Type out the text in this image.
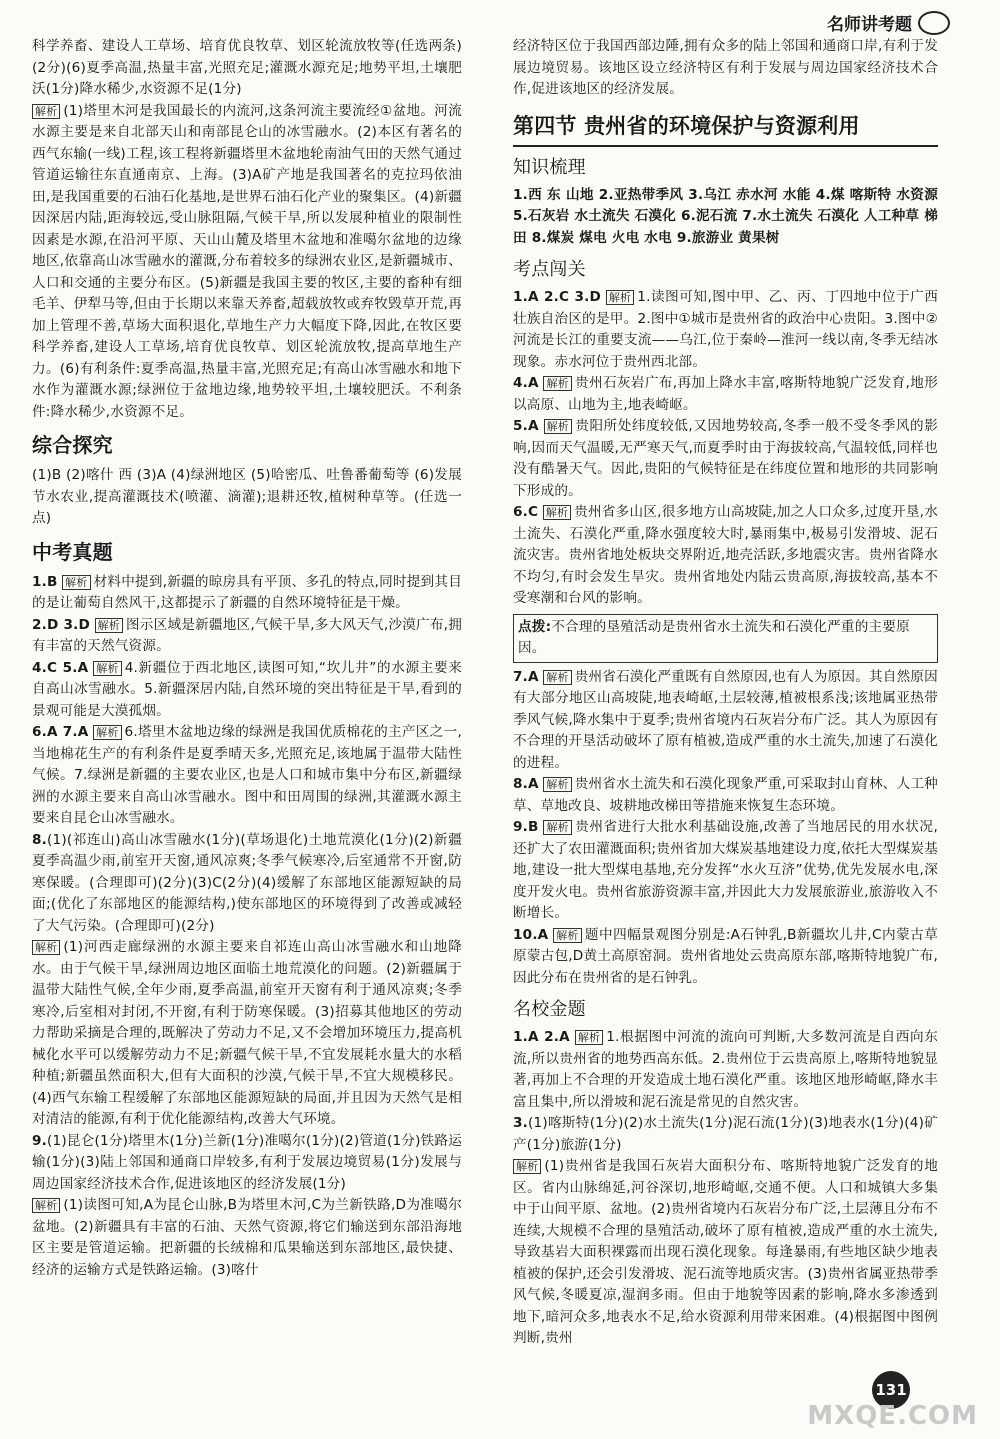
名师讲考题

科学养畜、建设人工草场、培育优良牧草、划区轮流放牧等(任选两条)(2分)(6)夏季高温,热量丰富,光照充足;灌溉水源充足;地势平坦,土壤肥沃(1分)降水稀少,水资源不足(1分)

解析 (1)塔里木河是我国最长的内流河,这条河流主要流经①盆地。河流水源主要是来自北部天山和南部昆仑山的冰雪融水。(2)本区有著名的西气东输(一线)工程,该工程将新疆塔里木盆地轮南油气田的天然气通过管道运输往东直通南京、上海。(3)A矿产地是我国著名的克拉玛依油田,是我国重要的石油石化基地,是世界石油石化产业的聚集区。(4)新疆因深居内陆,距海较远,受山脉阻隔,气候干旱,所以发展种植业的限制性因素是水源,在沿河平原、天山山麓及塔里木盆地和准噶尔盆地的边缘地区,依靠高山冰雪融水的灌溉,分布着较多的绿洲农业区,是新疆城市、人口和交通的主要分布区。(5)新疆是我国主要的牧区,主要的畜种有细毛羊、伊犁马等,但由于长期以来靠天养畜,超载放牧或弃牧毁草开荒,再加上管理不善,草场大面积退化,草地生产力大幅度下降,因此,在牧区要科学养畜,建设人工草场,培育优良牧草、划区轮流放牧,提高草地生产力。(6)有利条件:夏季高温,热量丰富,光照充足;有高山冰雪融水和地下水作为灌溉水源;绿洲位于盆地边缘,地势较平坦,土壤较肥沃。不利条件:降水稀少,水资源不足。

综合探究

(1)B (2)喀什 西 (3)A (4)绿洲地区 (5)哈密瓜、吐鲁番葡萄等 (6)发展节水农业,提高灌溉技术(喷灌、滴灌);退耕还牧,植树种草等。(任选一点)

中考真题

1.B 解析 材料中提到,新疆的晾房具有平顶、多孔的特点,同时提到其目的是让葡萄自然风干,这都提示了新疆的自然环境特征是干燥。

2.D 3.D 解析 图示区域是新疆地区,气候干旱,多大风天气,沙漠广布,拥有丰富的天然气资源。

4.C 5.A 解析 4.新疆位于西北地区,读图可知,“坎儿井”的水源主要来自高山冰雪融水。5.新疆深居内陆,自然环境的突出特征是干旱,看到的景观可能是大漠孤烟。

6.A 7.A 解析 6.塔里木盆地边缘的绿洲是我国优质棉花的主产区之一,当地棉花生产的有利条件是夏季晴天多,光照充足,该地属于温带大陆性气候。7.绿洲是新疆的主要农业区,也是人口和城市集中分布区,新疆绿洲的水源主要来自高山冰雪融水。图中和田周围的绿洲,其灌溉水源主要来自昆仑山冰雪融水。

8.(1)(祁连山)高山冰雪融水(1分)(草场退化)土地荒漠化(1分)(2)新疆夏季高温少雨,前室开天窗,通风凉爽;冬季气候寒冷,后室通常不开窗,防寒保暖。(合理即可)(2分)(3)C(2分)(4)缓解了东部地区能源短缺的局面;(优化了东部地区的能源结构,)使东部地区的环境得到了改善或减轻了大气污染。(合理即可)(2分)

解析 (1)河西走廊绿洲的水源主要来自祁连山高山冰雪融水和山地降水。由于气候干旱,绿洲周边地区面临土地荒漠化的问题。(2)新疆属于温带大陆性气候,全年少雨,夏季高温,前室开天窗有利于通风凉爽;冬季寒冷,后室相对封闭,不开窗,有利于防寒保暖。(3)招募其他地区的劳动力帮助采摘是合理的,既解决了劳动力不足,又不会增加环境压力,提高机械化水平可以缓解劳动力不足;新疆气候干旱,不宜发展耗水量大的水稻种植;新疆虽然面积大,但有大面积的沙漠,气候干旱,不宜大规模移民。(4)西气东输工程缓解了东部地区能源短缺的局面,并且因为天然气是相对清洁的能源,有利于优化能源结构,改善大气环境。

9.(1)昆仑(1分)塔里木(1分)兰新(1分)准噶尔(1分)(2)管道(1分)铁路运输(1分)(3)陆上邻国和通商口岸较多,有利于发展边境贸易(1分)发展与周边国家经济技术合作,促进该地区的经济发展(1分)

解析 (1)读图可知,A为昆仑山脉,B为塔里木河,C为兰新铁路,D为准噶尔盆地。(2)新疆具有丰富的石油、天然气资源,将它们输送到东部沿海地区主要是管道运输。把新疆的长绒棉和瓜果输送到东部地区,最快捷、经济的运输方式是铁路运输。(3)喀什

经济特区位于我国西部边陲,拥有众多的陆上邻国和通商口岸,有利于发展边境贸易。该地区设立经济特区有利于发展与周边国家经济技术合作,促进该地区的经济发展。

第四节 贵州省的环境保护与资源利用
知识梳理

1.西 东 山地 2.亚热带季风 3.乌江 赤水河 水能 4.煤 喀斯特 水资源 5.石灰岩 水土流失 石漠化 6.泥石流 7.水土流失 石漠化 人工种草 梯田 8.煤炭 煤电 火电 水电 9.旅游业 黄果树

考点闯关

1.A 2.C 3.D 解析 1.读图可知,图中甲、乙、丙、丁四地中位于广西壮族自治区的是甲。2.图中①城市是贵州省的政治中心贵阳。3.图中②河流是长江的重要支流——乌江,位于秦岭—淮河一线以南,冬季无结冰现象。赤水河位于贵州西北部。

4.A 解析 贵州石灰岩广布,再加上降水丰富,喀斯特地貌广泛发育,地形以高原、山地为主,地表崎岖。

5.A 解析 贵阳所处纬度较低,又因地势较高,冬季一般不受冬季风的影响,因而天气温暖,无严寒天气,而夏季时由于海拔较高,气温较低,同样也没有酷暑天气。因此,贵阳的气候特征是在纬度位置和地形的共同影响下形成的。

6.C 解析 贵州省多山区,很多地方山高坡陡,加之人口众多,过度开垦,水土流失、石漠化严重,降水强度较大时,暴雨集中,极易引发滑坡、泥石流灾害。贵州省地处板块交界附近,地壳活跃,多地震灾害。贵州省降水不均匀,有时会发生旱灾。贵州省地处内陆云贵高原,海拔较高,基本不受寒潮和台风的影响。

点拨:不合理的垦殖活动是贵州省水土流失和石漠化严重的主要原因。

7.A 解析 贵州省石漠化严重既有自然原因,也有人为原因。其自然原因有大部分地区山高坡陡,地表崎岖,土层较薄,植被根系浅;该地属亚热带季风气候,降水集中于夏季;贵州省境内石灰岩分布广泛。其人为原因有不合理的开垦活动破坏了原有植被,造成严重的水土流失,加速了石漠化的进程。

8.A 解析 贵州省水土流失和石漠化现象严重,可采取封山育林、人工种草、草地改良、坡耕地改梯田等措施来恢复生态环境。

9.B 解析 贵州省进行大批水利基础设施,改善了当地居民的用水状况,还扩大了农田灌溉面积;贵州省加大煤炭基地建设力度,依托大型煤炭基地,建设一批大型煤电基地,充分发挥“水火互济”优势,优先发展水电,深度开发火电。贵州省旅游资源丰富,并因此大力发展旅游业,旅游收入不断增长。

10.A 解析 题中四幅景观图分别是:A石钟乳,B新疆坎儿井,C内蒙古草原蒙古包,D黄土高原窑洞。贵州省地处云贵高原东部,喀斯特地貌广布,因此分布在贵州省的是石钟乳。

名校金题

1.A 2.A 解析 1.根据图中河流的流向可判断,大多数河流是自西向东流,所以贵州省的地势西高东低。2.贵州位于云贵高原上,喀斯特地貌显著,再加上不合理的开发造成土地石漠化严重。该地区地形崎岖,降水丰富且集中,所以滑坡和泥石流是常见的自然灾害。

3.(1)喀斯特(1分)(2)水土流失(1分)泥石流(1分)(3)地表水(1分)(4)矿产(1分)旅游(1分)

解析 (1)贵州省是我国石灰岩大面积分布、喀斯特地貌广泛发育的地区。省内山脉绵延,河谷深切,地形崎岖,交通不便。人口和城镇大多集中于山间平原、盆地。(2)贵州省境内石灰岩分布广泛,土层薄且分布不连续,大规模不合理的垦殖活动,破坏了原有植被,造成严重的水土流失,导致基岩大面积裸露而出现石漠化现象。每逢暴雨,有些地区缺少地表植被的保护,还会引发滑坡、泥石流等地质灾害。(3)贵州省属亚热带季风气候,冬暖夏凉,湿润多雨。但由于地貌等因素的影响,降水多渗透到地下,暗河众多,地表水不足,给水资源利用带来困难。(4)根据图中图例判断,贵州

131
MXQE.COM
